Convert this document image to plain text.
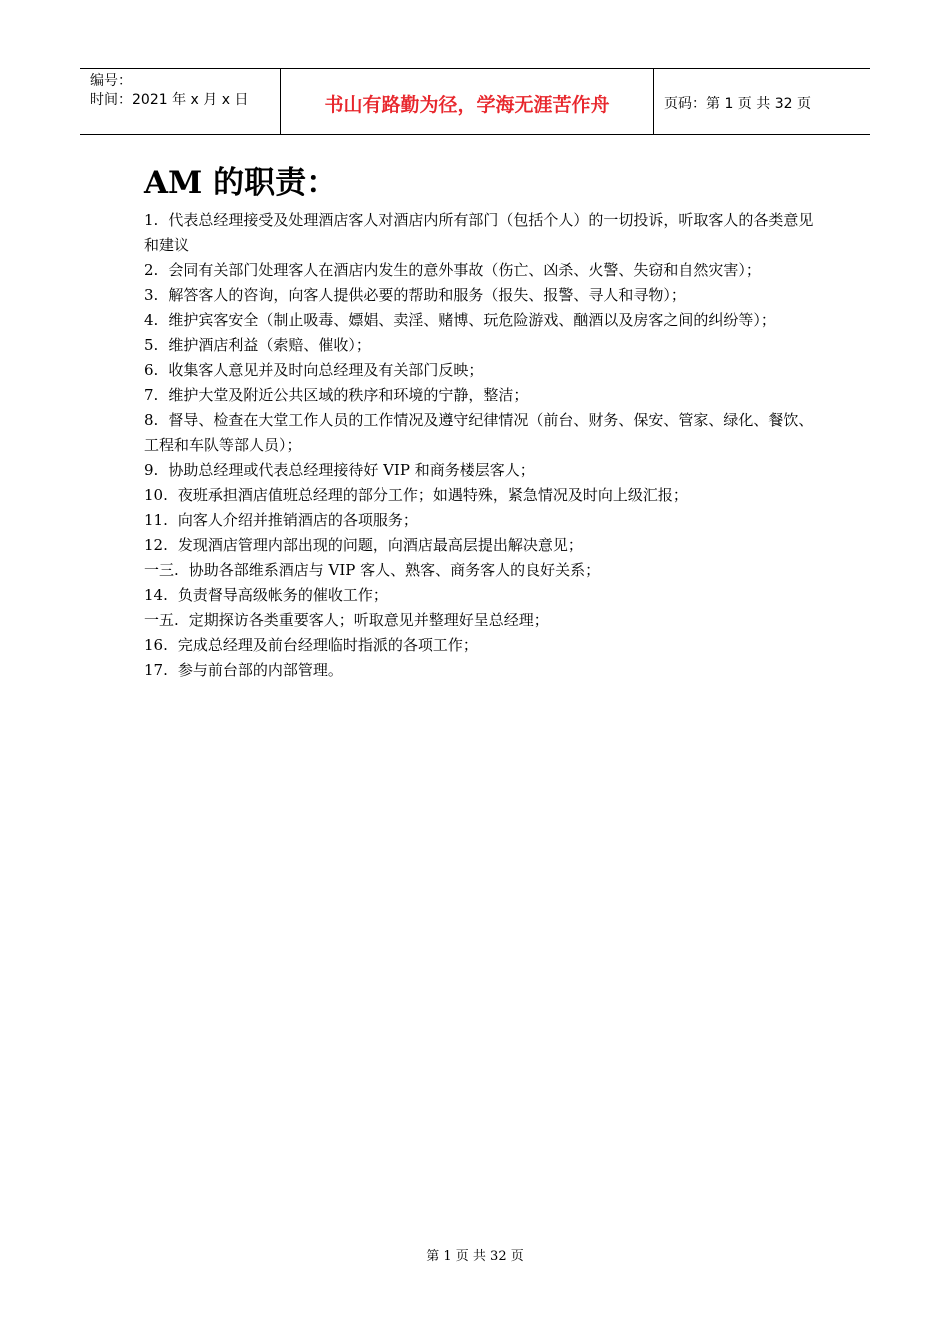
编号：
时间：2021 年 x 月 x 日	书山有路勤为径，学海无涯苦作舟	页码：第 1 页 共 32 页
AM 的职责：
1. 代表总经理接受及处理酒店客人对酒店内所有部门（包括个人）的一切投诉，听取客人的各类意见和建议
2. 会同有关部门处理客人在酒店内发生的意外事故（伤亡、凶杀、火警、失窃和自然灾害）；
3. 解答客人的咨询，向客人提供必要的帮助和服务（报失、报警、寻人和寻物）；
4. 维护宾客安全（制止吸毒、嫖娼、卖淫、赌博、玩危险游戏、酗酒以及房客之间的纠纷等）；
5. 维护酒店利益（索赔、催收）；
6. 收集客人意见并及时向总经理及有关部门反映；
7. 维护大堂及附近公共区域的秩序和环境的宁静，整洁；
8. 督导、检查在大堂工作人员的工作情况及遵守纪律情况（前台、财务、保安、管家、绿化、餐饮、工程和车队等部人员）；
9. 协助总经理或代表总经理接待好 VIP 和商务楼层客人；
10. 夜班承担酒店值班总经理的部分工作；如遇特殊，紧急情况及时向上级汇报；
11. 向客人介绍并推销酒店的各项服务；
12. 发现酒店管理内部出现的问题，向酒店最高层提出解决意见；
一三. 协助各部维系酒店与 VIP 客人、熟客、商务客人的良好关系；
14. 负责督导高级帐务的催收工作；
一五. 定期探访各类重要客人；听取意见并整理好呈总经理；
16. 完成总经理及前台经理临时指派的各项工作；
17. 参与前台部的内部管理。
第 1 页 共 32 页
